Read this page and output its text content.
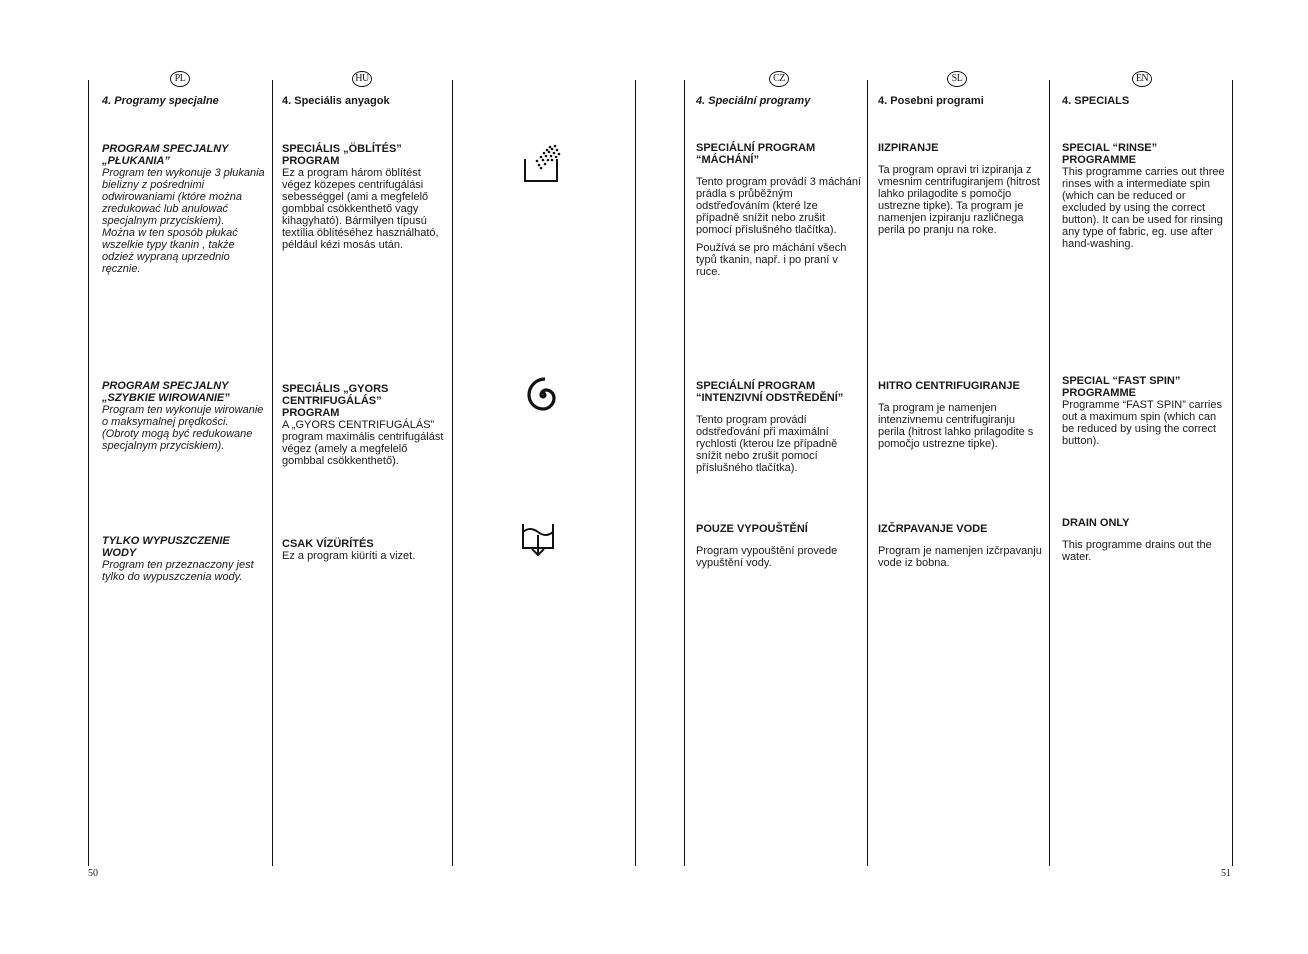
PL	HU	CZ	SL	EN
4. Programy specjalne	4. Speciális anyagok	4. Speciální programy	4. Posebni programi	4. SPECIALS
PROGRAM SPECJALNY
„PŁUKANIA”
Program ten wykonuje 3 płukania bielizny z pośrednimi odwirowaniami (które można zredukować lub anulować specjalnym przyciskiem).
Można w ten sposób płukać wszelkie typy tkanin , także odzież wypraną uprzednio ręcznie.
PROGRAM SPECJALNY
„SZYBKIE WIROWANIE”
Program ten wykonuje wirowanie o maksymalnej prędkości. (Obroty mogą być redukowane specjalnym przyciskiem).
TYLKO WYPUSZCZENIE WODY
Program ten przeznaczony jest tylko do wypuszczenia wody.
SPECIÁLIS „ÖBLÍTÉS”
PROGRAM
Ez a program három öblítést végez közepes centrifugálási sebességgel (ami a megfelelő gombbal csökkenthető vagy kihagyható). Bármilyen típusú textília öblítéséhez használható, például kézi mosás után.
SPECIÁLIS „GYORS
CENTRIFUGÁLÁS”
PROGRAM
A „GYORS CENTRIFUGÁLÁS” program maximális centrifugálást végez (amely a megfelelő gombbal csökkenthető).
CSAK VÍZÜRÍTÉS
Ez a program kiüríti a vizet.
SPECIÁLNÍ PROGRAM
“MÁCHÁNÍ”

Tento program provádí 3 máchání prádla s průběžným odstřeďováním (které lze případně snížit nebo zrušit pomocí příslušného tlačítka).

Používá se pro máchání všech typů tkanin, např. i po praní v ruce.

SPECIÁLNÍ PROGRAM
“INTENZIVNÍ ODSTŘEDĚNÍ”

Tento program provádí odstřeďování při maximální rychlosti (kterou lze případně snížit nebo zrušit pomocí příslušného tlačítka).

POUZE VYPOUŠTĚNÍ

Program vypouštění provede vypuštění vody.

IIZPIRANJE

Ta program opravi tri izpiranja z vmesnim centrifugiranjem (hitrost lahko prilagodite s pomočjo ustrezne tipke). Ta program je namenjen izpiranju različnega perila po pranju na roke.

HITRO CENTRIFUGIRANJE

Ta program je namenjen intenzivnemu centrifugiranju perila (hitrost lahko prilagodite s pomočjo ustrezne tipke).

IZČRPAVANJE VODE

Program je namenjen izčrpavanju vode iz bobna.

SPECIAL “RINSE”
PROGRAMME
This programme carries out three rinses with a intermediate spin (which can be reduced or excluded by using the correct button). It can be used for rinsing any type of fabric, eg. use after hand-washing.
SPECIAL “FAST SPIN”
PROGRAMME
Programme “FAST SPIN” carries out a maximum spin (which can be reduced by using the correct button).
DRAIN ONLY

This programme drains out the water.

50	51
